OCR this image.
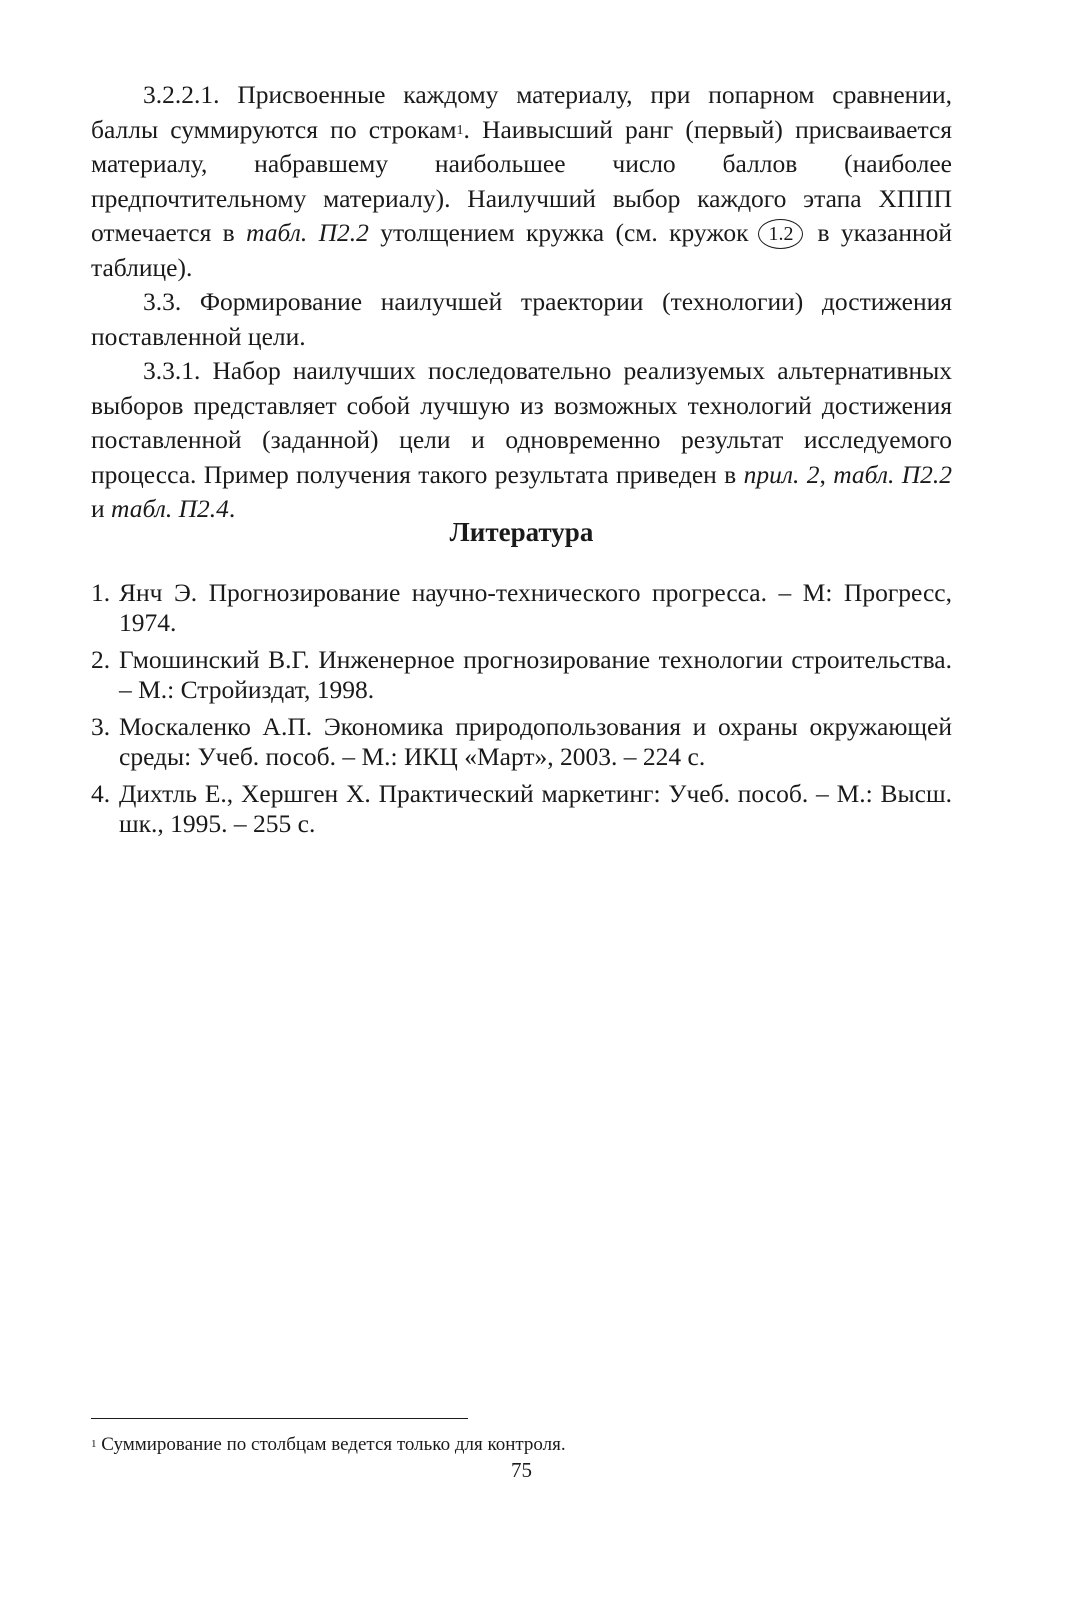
3.2.2.1. Присвоенные каждому материалу, при попарном сравнении, баллы суммируются по строкам$^1$. Наивысший ранг (первый) присваивается материалу, набравшему наибольшее число баллов (наиболее предпочтительному материалу). Наилучший выбор каждого этапа ХППП отмечается в табл. П2.2 утолщением кружка (см. кружок 1.2 в указанной таблице).

3.3. Формирование наилучшей траектории (технологии) достижения поставленной цели.

3.3.1. Набор наилучших последовательно реализуемых альтернативных выборов представляет собой лучшую из возможных технологий достижения поставленной (заданной) цели и одновременно результат исследуемого процесса. Пример получения такого результата приведен в прил. 2, табл. П2.2 и табл. П2.4.

Литература
1. Янч Э. Прогнозирование научно-технического прогресса. – М: Прогресс, 1974.
2. Гмошинский В.Г. Инженерное прогнозирование технологии строительства. – М.: Стройиздат, 1998.
3. Москаленко А.П. Экономика природопользования и охраны окружающей среды: Учеб. пособ. – М.: ИКЦ «Март», 2003. – 224 с.
4. Дихтль Е., Хершген Х. Практический маркетинг: Учеб. пособ. – М.: Высш. шк., 1995. – 255 с.

$^1$ Суммирование по столбцам ведется только для контроля.

75
